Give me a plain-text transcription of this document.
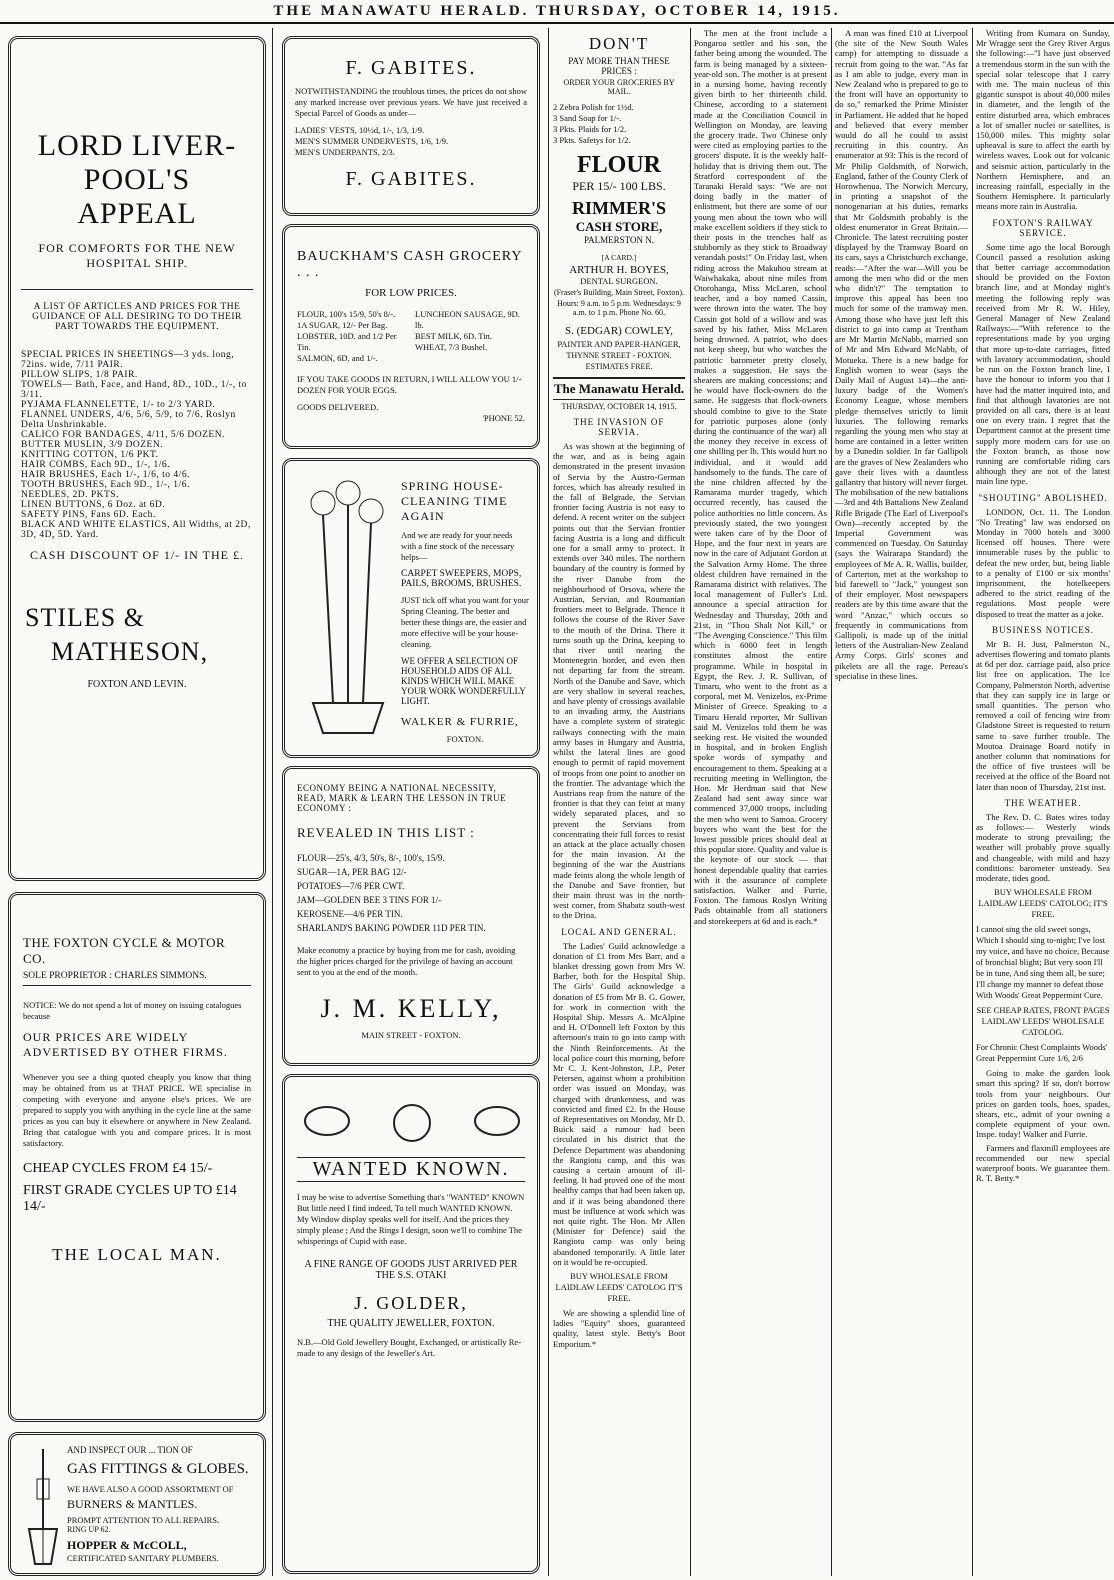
THE MANAWATU HERALD. THURSDAY, OCTOBER 14, 1915.

LORD LIVER-

POOL'S APPEAL

FOR COMFORTS FOR THE NEW HOSPITAL SHIP.

A LIST OF ARTICLES AND PRICES FOR THE GUIDANCE OF ALL DESIRING TO DO THEIR PART TOWARDS THE EQUIPMENT.

SPECIAL PRICES IN SHEETINGS—3 yds. long, 72ins. wide, 7/11 PAIR.

PILLOW SLIPS, 1/8 PAIR.

TOWELS— Bath, Face, and Hand, 8D., 10D., 1/-, to 3/11.

PYJAMA FLANNELETTE, 1/- to 2/3 YARD.

FLANNEL UNDERS, 4/6, 5/6, 5/9, to 7/6. Roslyn Delta Unshrinkable.

CALICO FOR BANDAGES, 4/11, 5/6 DOZEN.

BUTTER MUSLIN, 3/9 DOZEN.

KNITTING COTTON, 1/6 PKT.

HAIR COMBS, Each 9D., 1/-, 1/6.

HAIR BRUSHES, Each 1/-, 1/6, to 4/6.

TOOTH BRUSHES, Each 9D., 1/-, 1/6.

NEEDLES, 2D. PKTS.

LINEN BUTTONS, 6 Doz. at 6D.

SAFETY PINS, Fans 6D. Each.

BLACK AND WHITE ELASTICS, All Widths, at 2D, 3D, 4D, 5D. Yard.

CASH DISCOUNT OF 1/- IN THE £.

STILES &

MATHESON,

FOXTON AND LEVIN.

THE FOXTON CYCLE & MOTOR CO.

SOLE PROPRIETOR : CHARLES SIMMONS.

NOTICE: We do not spend a lot of money on issuing catalogues because

OUR PRICES ARE WIDELY ADVERTISED BY OTHER FIRMS.

Whenever you see a thing quoted cheaply you know that thing may be obtained from us at THAT PRICE. WE specialise in competing with everyone and anyone else's prices. We are prepared to supply you with anything in the cycle line at the same prices as you can buy it elsewhere or anywhere in New Zealand. Bring that catalogue with you and compare prices. It is most satisfactory.

CHEAP CYCLES FROM £4 15/-

FIRST GRADE CYCLES UP TO £14 14/-

THE LOCAL MAN.

AND INSPECT OUR ... TION OF

GAS FITTINGS & GLOBES.

WE HAVE ALSO A GOOD ASSORTMENT OF

BURNERS & MANTLES.

PROMPT ATTENTION TO ALL REPAIRS.

RING UP 62.

HOPPER & McCOLL,

CERTIFICATED SANITARY PLUMBERS.

F. GABITES.

NOTWITHSTANDING the troublous times, the prices do not show any marked increase over previous years. We have just received a Special Parcel of Goods as under—

LADIES' VESTS, 10½d, 1/-, 1/3, 1/9.

MEN'S SUMMER UNDERVESTS, 1/6, 1/9.

MEN'S UNDERPANTS, 2/3.

F. GABITES.

BAUCKHAM'S CASH GROCERY . . .

FOR LOW PRICES.

FLOUR, 100's 15/9, 50's 8/-.

1A SUGAR, 12/- Per Bag.

LOBSTER, 10D. and 1/2 Per Tin.

SALMON, 6D. and 1/-.

LUNCHEON SAUSAGE, 9D. lb.

BEST MILK, 6D. Tin.

WHEAT, 7/3 Bushel.

IF YOU TAKE GOODS IN RETURN, I WILL ALLOW YOU 1/- DOZEN FOR YOUR EGGS.

GOODS DELIVERED.

'PHONE 52.

SPRING HOUSE-CLEANING TIME AGAIN

And we are ready for your needs with a fine stock of the necessary helps—

CARPET SWEEPERS, MOPS, PAILS, BROOMS, BRUSHES.

JUST tick off what you want for your Spring Cleaning. The better and better these things are, the easier and more effective will be your house-cleaning.

WE OFFER A SELECTION OF HOUSEHOLD AIDS OF ALL KINDS WHICH WILL MAKE YOUR WORK WONDERFULLY LIGHT.

WALKER & FURRIE,

FOXTON.

ECONOMY BEING A NATIONAL NECESSITY, READ, MARK & LEARN THE LESSON IN TRUE ECONOMY :

REVEALED IN THIS LIST :

FLOUR—25's, 4/3, 50's, 8/-, 100's, 15/9.

SUGAR—1A, PER BAG 12/-

POTATOES—7/6 PER CWT.

JAM—GOLDEN BEE 3 TINS FOR 1/-

KEROSENE—4/6 PER TIN.

SHARLAND'S BAKING POWDER 11D PER TIN.

Make economy a practice by buying from me for cash, avoiding the higher prices charged for the privilege of having an account sent to you at the end of the month.

J. M. KELLY,

MAIN STREET - FOXTON.

WANTED KNOWN.

I may be wise to advertise Something that's "WANTED" KNOWN But little need I find indeed, To tell much WANTED KNOWN. My Window display speaks well for itself, And the prices they simply please ; And the Rings I design, soon we'll to combine The whisperings of Cupid with ease.

A FINE RANGE OF GOODS JUST ARRIVED PER THE S.S. OTAKI

J. GOLDER,

THE QUALITY JEWELLER, FOXTON.

N.B.—Old Gold Jewellery Bought, Exchanged, or artistically Re-made to any design of the Jeweller's Art.

DON'T

PAY MORE THAN THESE PRICES :

ORDER YOUR GROCERIES BY MAIL.

2 Zebra Polish for 1½d.

3 Sand Soap for 1/-.

3 Pkts. Plaids for 1/2.

3 Pkts. Safetys for 1/2.

FLOUR

PER 15/- 100 LBS.

RIMMER'S

CASH STORE,

PALMERSTON N.

[A CARD.]

ARTHUR H. BOYES,

DENTAL SURGEON.

(Fraser's Building, Main Street, Foxton).

Hours: 9 a.m. to 5 p.m. Wednesdays: 9 a.m. to 1 p.m. Phone No. 60.

S. (EDGAR) COWLEY,

PAINTER AND PAPER-HANGER,

THYNNE STREET - FOXTON.

ESTIMATES FREE.

The Manawatu Herald.

THURSDAY, OCTOBER 14, 1915.

THE INVASION OF SERVIA.

As was shown at the beginning of the war, and as is being again demonstrated in the present invasion of Servia by the Austro-German forces, which has already resulted in the fall of Belgrade, the Servian frontier facing Austria is not easy to defend. A recent writer on the subject points out that the Servian frontier facing Austria is a long and difficult one for a small army to protect. It extends over 340 miles. The northern boundary of the country is formed by the river Danube from the neighbourhood of Orsova, where the Austrian, Servian, and Roumanian frontiers meet to Belgrade. Thence it follows the course of the River Save to the mouth of the Drina. There it turns south up the Drina, keeping to that river until nearing the Montenegrin border, and even then not departing far from the stream. North of the Danube and Save, which are very shallow in several reaches, and have plenty of crossings available to an invading army, the Austrians have a complete system of strategic railways connecting with the main army bases in Hungary and Austria, whilst the lateral lines are good enough to permit of rapid movement of troops from one point to another on the frontier. The advantage which the Austrians reap from the nature of the frontier is that they can feint at many widely separated places, and so prevent the Servians from concentrating their full forces to resist an attack at the place actually chosen for the main invasion. At the beginning of the war the Austrians made feints along the whole length of the Danube and Save frontier, but their main thrust was in the north-west corner, from Shabatz south-west to the Drina.

LOCAL AND GENERAL.

The Ladies' Guild acknowledge a donation of £1 from Mrs Barr, and a blanket dressing gown from Mrs W. Barber, both for the Hospital Ship. The Girls' Guild acknowledge a donation of £5 from Mr B. G. Gower, for work in connection with the Hospital Ship. Messrs A. McAlpine and H. O'Donnell left Foxton by this afternoon's train to go into camp with the Ninth Reinforcements. At the local police court this morning, before Mr C. J. Kent-Johnston, J.P., Peter Petersen, against whom a prohibition order was issued on Monday, was charged with drunkenness, and was convicted and fined £2. In the House of Representatives on Monday, Mr D. Buick said a rumour had been circulated in his district that the Defence Department was abandoning the Rangiotu camp, and this was causing a certain amount of ill-feeling. It had proved one of the most healthy camps that had been taken up, and if it was being abandoned there must be influence at work which was not quite right. The Hon. Mr Allen (Minister for Defence) said the Rangiotu camp was only being abandoned temporarily. A little later on it would be re-occupied.

BUY WHOLESALE FROM LAIDLAW LEEDS' CATOLOG IT'S FREE.

We are showing a splendid line of ladies "Equity" shoes, guaranteed quality, latest style. Betty's Boot Emporium.*

The men at the front include a Pongaroa settler and his son, the father being among the wounded. The farm is being managed by a sixteen-year-old son. The mother is at present in a nursing home, having recently given birth to her thirteenth child. Chinese, according to a statement made at the Conciliation Council in Wellington on Monday, are leaving the grocery trade. Two Chinese only were cited as employing parties to the grocers' dispute. It is the weekly half-holiday that is driving them out. The Stratford correspondent of the Taranaki Herald says: "We are not doing badly in the matter of enlistment, but there are some of our young men about the town who will make excellent soldiers if they stick to their posts in the trenches half as stubbornly as they stick to Broadway verandah posts!" On Friday last, when riding across the Makuhou stream at Waiwhakaka, about nine miles from Otorohanga, Miss McLaren, school teacher, and a boy named Cassin, were thrown into the water. The boy Cassin got hold of a willow and was saved by his father, Miss McLaren being drowned. A patriot, who does not keep sheep, but who watches the patriotic barometer pretty closely, makes a suggestion. He says the shearers are making concessions; and he would have flock-owners do the same. He suggests that flock-owners should combine to give to the State for patriotic purposes alone (only during the continuance of the war) all the money they receive in excess of one shilling per lb. This would hurt no individual, and it would add handsomely to the funds. The care of the nine children affected by the Ramarama murder tragedy, which occurred recently, has caused the police authorities no little concern. As previously stated, the two youngest were taken care of by the Door of Hope, and the four next in years are now in the care of Adjutant Gordon at the Salvation Army Home. The three oldest children have remained in the Ramarama district with relatives. The local management of Fuller's Ltd. announce a special attraction for Wednesday and Thursday, 20th and 21st, in "Thou Shalt Not Kill," or "The Avenging Conscience." This film which is 6000 feet in length constitutes almost the entire programme. While in hospital in Egypt, the Rev. J. R. Sullivan, of Timaru, who went to the front as a corporal, met M. Venizelos, ex-Prime Minister of Greece. Speaking to a Timaru Herald reporter, Mr Sullivan said M. Venizelos told them he was seeking rest. He visited the wounded in hospital, and in broken English spoke words of sympathy and encouragement to them. Speaking at a recruiting meeting in Wellington, the Hon. Mr Herdman said that New Zealand had sent away since war commenced 37,000 troops, including the men who went to Samoa. Grocery buyers who want the best for the lowest possible prices should deal at this popular store. Quality and value is the keynote of our stock — that honest dependable quality that carries with it the assurance of complete satisfaction. Walker and Furrie, Foxton. The famous Roslyn Writing Pads obtainable from all stationers and storekeepers at 6d and is each.*

A man was fined £10 at Liverpool (the site of the New South Wales camp) for attempting to dissuade a recruit from going to the war. "As far as I am able to judge, every man in New Zealand who is prepared to go to the front will have an opportunity to do so," remarked the Prime Minister in Parliament. He added that he hoped and believed that every member would do all he could to assist recruiting in this country. An enumerator at 93: This is the record of Mr Philip Goldsmith, of Norwich, England, father of the County Clerk of Horowhenua. The Norwich Mercury, in printing a snapshot of the nonogenarian at his duties, remarks that Mr Goldsmith probably is the oldest enumerator in Great Britain.—Chronicle. The latest recruiting poster displayed by the Tramway Board on its cars, says a Christchurch exchange, reads:—"After the war—Will you be among the men who did or the men who didn't?" The temptation to improve this appeal has been too much for some of the tramway men. Among those who have just left this district to go into camp at Trentham are Mr Martin McNabb, married son of Mr and Mrs Edward McNabb, of Motueka. There is a new badge for English women to wear (says the Daily Mail of August 14)—the anti-luxury badge of the Women's Economy League, whose members pledge themselves strictly to limit luxuries. The following remarks regarding the young men who stay at home are contained in a letter written by a Dunedin soldier. In far Gallipoli are the graves of New Zealanders who gave their lives with a dauntless gallantry that history will never forget. The mobilisation of the new battalions—3rd and 4th Battalions New Zealand Rifle Brigade (The Earl of Liverpool's Own)—recently accepted by the Imperial Government was commenced on Tuesday. On Saturday (says the Wairarapa Standard) the employees of Mr A. R. Wallis, builder, of Carterton, met at the workshop to bid farewell to "Jack," youngest son of their employer. Most newspapers readers are by this time aware that the word "Anzac," which occurs so frequently in communications from Gallipoli, is made up of the initial letters of the Australian-New Zealand Army Corps. Girls' scones and pikelets are all the rage. Pereau's specialise in these lines.

Writing from Kumara on Sunday, Mr Wragge sent the Grey River Argus the following:—"I have just observed a tremendous storm in the sun with the special solar telescope that I carry with me. The main nucleus of this gigantic sunspot is about 40,000 miles in diameter, and the length of the entire disturbed area, which embraces a lot of smaller nuclei or satellites, is 150,000 miles. This mighty solar upheaval is sure to affect the earth by wireless waves. Look out for volcanic and seismic action, particularly in the Northern Hemisphere, and an increasing rainfall, especially in the Southern Hemisphere. It particularly means more rain in Australia.

FOXTON'S RAILWAY SERVICE.

Some time ago the local Borough Council passed a resolution asking that better carriage accommodation should be provided on the Foxton branch line, and at Monday night's meeting the following reply was received from Mr R. W. Hiley, General Manager of New Zealand Railways:—"With reference to the representations made by you urging that more up-to-date carriages, fitted with lavatory accommodation, should be run on the Foxton branch line, I have the honour to inform you that I have had the matter inquired into, and find that although lavatories are not provided on all cars, there is at least one on every train. I regret that the Department cannot at the present time supply more modern cars for use on the Foxton branch, as those now running are comfortable riding cars although they are not of the latest main line type.

"SHOUTING" ABOLISHED.

LONDON, Oct. 11. The London "No Treating" law was endorsed on Monday in 7000 hotels and 3000 licensed off houses. There were innumerable ruses by the public to defeat the new order, but, being liable to a penalty of £100 or six months' imprisonment, the hotelkeepers adhered to the strict reading of the regulations. Most people were disposed to treat the matter as a joke.

BUSINESS NOTICES.

Mr B. H. Just, Palmerston N., advertises flowering and tomato plants at 6d per doz. carriage paid, also price list free on application. The Ice Company, Palmerston North, advertise that they can supply ice in large or small quantities. The person who removed a coil of fencing wire from Gladstone Street is requested to return same to save further trouble. The Moutoa Drainage Board notify in another column that nominations for the office of five trustees will be received at the office of the Board not later than noon of Thursday, 21st inst.

THE WEATHER.

The Rev. D. C. Bates wires today as follows:— Westerly winds moderate to strong prevailing; the weather will probably prove squally and changeable, with mild and hazy conditions: barometer unsteady. Sea moderate, tides good.

BUY WHOLESALE FROM LAIDLAW LEEDS' CATOLOG; IT'S FREE.

I cannot sing the old sweet songs, Which I should sing to-night; I've lost my voice, and have no choice, Because of bronchial blight; But very soon I'll be in tune, And sing them all, be sure; I'll change my manner to defeat those With Woods' Great Peppermint Cure.

SEE CHEAP RATES, FRONT PAGES LAIDLAW LEEDS' WHOLESALE CATOLOG.

For Chronic Chest Complaints Woods' Great Peppermint Cure 1/6, 2/6

Going to make the garden look smart this spring? If so, don't borrow tools from your neighbours. Our prices on garden tools, hoes, spades, shears, etc., admit of your owning a complete equipment of your own. Inspe. today! Walker and Furrie.

Farmers and flaxmill employees are recommended our new special waterproof boots. We guarantee them. R. T. Betty.*
